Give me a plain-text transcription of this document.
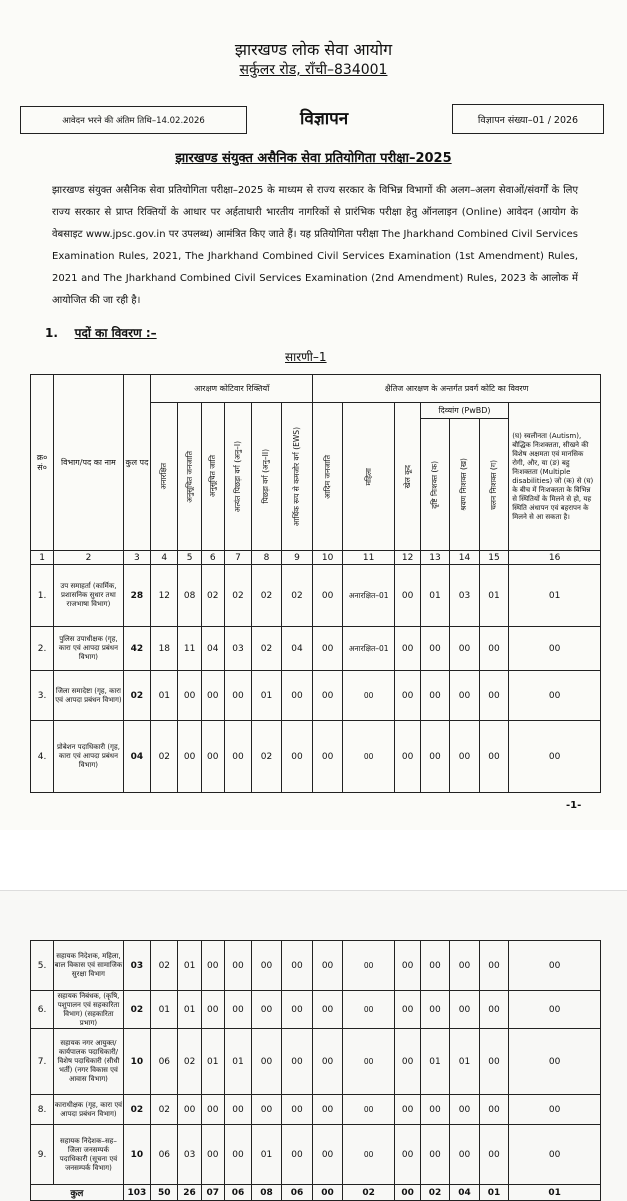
झारखण्ड लोक सेवा आयोग
सर्कुलर रोड, राँची–834001
आवेदन भरने की अंतिम तिथि–14.02.2026	विज्ञापन	विज्ञापन संख्या–01 / 2026
झारखण्ड संयुक्त असैनिक सेवा प्रतियोगिता परीक्षा–2025
झारखण्ड संयुक्त असैनिक सेवा प्रतियोगिता परीक्षा–2025 के माध्यम से राज्य सरकार के विभिन्न विभागों की अलग–अलग सेवाओं/संवर्गों के लिए राज्य सरकार से प्राप्त रिक्तियों के आधार पर अर्हताधारी भारतीय नागरिकों से प्रारंभिक परीक्षा हेतु ऑनलाइन (Online) आवेदन (आयोग के वेबसाइट www.jpsc.gov.in पर उपलब्ध) आमंत्रित किए जाते हैं। यह प्रतियोगिता परीक्षा The Jharkhand Combined Civil Services Examination Rules, 2021, The Jharkhand Combined Civil Services Examination (1st Amendment) Rules, 2021 and The Jharkhand Combined Civil Services Examination (2nd Amendment) Rules, 2023 के आलोक में आयोजित की जा रही है।
1. पदों का विवरण :–
सारणी–1
क्र० सं०	विभाग/पद का नाम	कुल पद	आरक्षण कोटिवार रिक्तियाँ						क्षैतिज आरक्षण के अन्तर्गत प्रवर्ग कोटि का विवरण						

			अनारक्षित	अनुसूचित जनजाति	अनुसूचित जाति	अत्यंत पिछड़ा वर्ग (अनु–I)	पिछड़ा वर्ग (अनु–II)	आर्थिक रूप से कमजोर वर्ग (EWS)	आदिम जनजाति	महिला	खेल कूद	दिव्यांग (PwBD)			(घ) स्वलीनता (Autism), बौद्धिक निःशक्तता, सीखने की विशेष अक्षमता एवं मानसिक रोगी, और, या (ङ) बहु निःशक्तता (Multiple disabilities) जो (क) से (घ) के बीच में निःशक्तता के विभिन्न से स्थितियों के मिलने से हो, यह स्थिति अंधापन एवं बहरापन के मिलने से आ सकता है।

												दृष्टि निःशक्त (क)	श्रवण निःशक्त (ख)	चलन निःशक्त (ग)	

1	2	3	4	5	6	7	8	9	10	11	12	13	14	15	16
1.	उप समाहर्ता (कार्मिक, प्रशासनिक सुधार तथा राजभाषा विभाग)	28	12	08	02	02	02	02	00	अनारक्षित–01	00	01	03	01	01
2.	पुलिस उपाधीक्षक (गृह, कारा एवं आपदा प्रबंधन विभाग)	42	18	11	04	03	02	04	00	अनारक्षित–01	00	00	00	00	00
3.	जिला समादेष्टा (गृह, कारा एवं आपदा प्रबंधन विभाग)	02	01	00	00	00	01	00	00	00	00	00	00	00	00
4.	प्रोबेशन पदाधिकारी (गृह, कारा एवं आपदा प्रबंधन विभाग)	04	02	00	00	00	02	00	00	00	00	00	00	00	00
-1-
5.	सहायक निदेशक, महिला, बाल विकास एवं सामाजिक सुरक्षा विभाग	03	02	01	00	00	00	00	00	00	00	00	00	00	00
6.	सहायक निबंधक, (कृषि, पशुपालन एवं सहकारिता विभाग) (सहकारिता प्रभाग)	02	01	01	00	00	00	00	00	00	00	00	00	00	00
7.	सहायक नगर आयुक्त/कार्यपालक पदाधिकारी/विशेष पदाधिकारी (सीधी भर्ती) (नगर विकास एवं आवास विभाग)	10	06	02	01	01	00	00	00	00	00	01	01	00	00
8.	काराधीक्षक (गृह, कारा एवं आपदा प्रबंधन विभाग)	02	02	00	00	00	00	00	00	00	00	00	00	00	00
9.	सहायक निदेशक–सह–जिला जनसम्पर्क पदाधिकारी (सूचना एवं जनसम्पर्क विभाग)	10	06	03	00	00	01	00	00	00	00	00	00	00	00
कुल		103	50	26	07	06	08	06	00	02	00	02	04	01	01
